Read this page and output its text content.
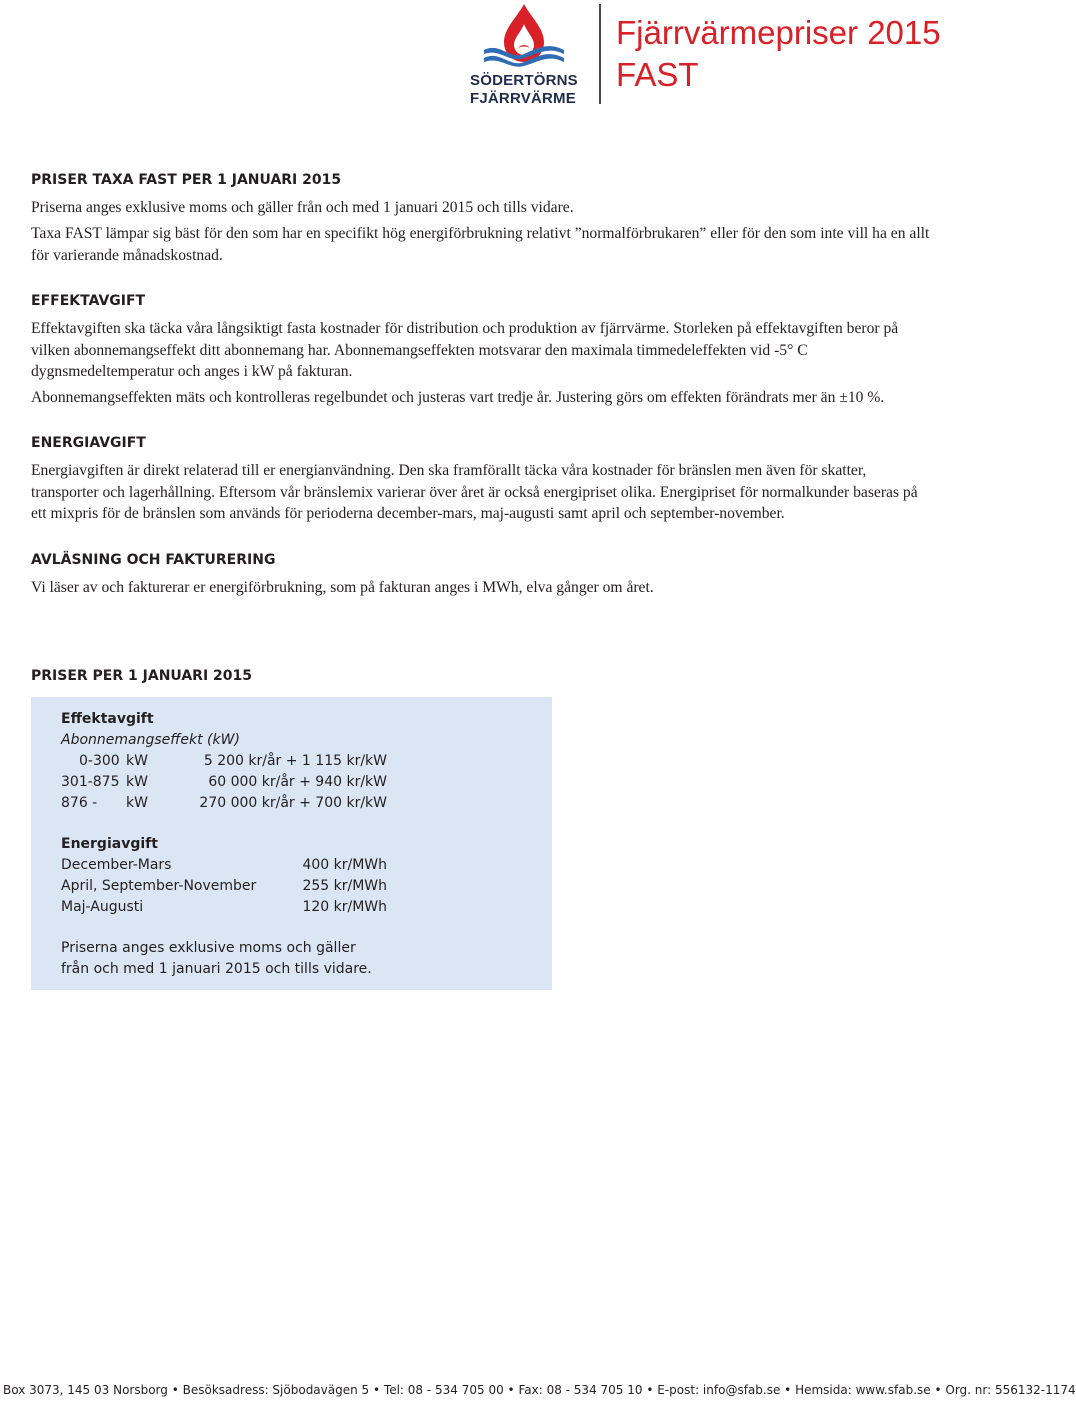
SÖDERTÖRNS
FJÄRRVÄRME
Fjärrvärmepriser 2015
FAST
PRISER TAXA FAST PER 1 JANUARI 2015

Priserna anges exklusive moms och gäller från och med 1 januari 2015 och tills vidare.

Taxa FAST lämpar sig bäst för den som har en specifikt hög energiförbrukning relativt ”normalförbrukaren” eller för den som inte vill ha en allt för varierande månadskostnad.

EFFEKTAVGIFT

Effektavgiften ska täcka våra långsiktigt fasta kostnader för distribution och produktion av fjärrvärme. Storleken på effektavgiften beror på vilken abonnemangseffekt ditt abonnemang har. Abonnemangseffekten motsvarar den maximala timmedeleffekten vid -5° C dygnsmedeltemperatur och anges i kW på fakturan.

Abonnemangseffekten mäts och kontrolleras regelbundet och justeras vart tredje år. Justering görs om effekten förändrats mer än ±10 %.

ENERGIAVGIFT

Energiavgiften är direkt relaterad till er energianvändning. Den ska framförallt täcka våra kostnader för bränslen men även för skatter, transporter och lagerhållning. Eftersom vår bränslemix varierar över året är också energipriset olika. Energipriset för normalkunder baseras på ett mixpris för de bränslen som används för perioderna december-mars, maj-augusti samt april och september-november.

AVLÄSNING OCH FAKTURERING

Vi läser av och fakturerar er energiförbrukning, som på fakturan anges i MWh, elva gånger om året.

PRISER PER 1 JANUARI 2015
Effektavgift
Abonnemangseffekt (kW)
0-300 kW	5 200 kr/år + 1 115 kr/kW
301-875 kW	60 000 kr/år + 940 kr/kW
876 - kW	270 000 kr/år + 700 kr/kW
Energiavgift
December-Mars	400 kr/MWh
April, September-November	255 kr/MWh
Maj-Augusti	120 kr/MWh
Priserna anges exklusive moms och gäller
från och med 1 januari 2015 och tills vidare.
Box 3073, 145 03 Norsborg • Besöksadress: Sjöbodavägen 5 • Tel: 08 - 534 705 00 • Fax: 08 - 534 705 10 • E-post: info@sfab.se • Hemsida: www.sfab.se • Org. nr: 556132-1174
